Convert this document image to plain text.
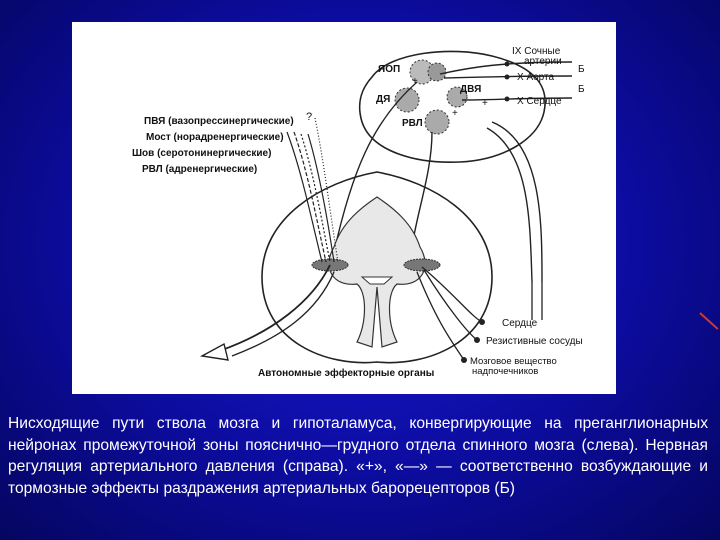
ЯОП
ДЯ
ДВЯ
РВЛ
+
+
+
IX Сочные
артерии
X Аорта
X Сердце
Б
Б
Сердце
Резистивные сосуды
Мозговое вещество
надпочечников
ПВЯ (вазопрессинергические)
Мост (норадренергические)
Шов (серотонинергические)
РВЛ (адренергические)
?
Автономные эффекторные органы
Нисходящие пути ствола мозга и гипоталамуса, конвергирующие на преганглионарных нейронах промежуточной зоны пояснично—грудного отдела спинного мозга (слева). Нервная регуляция артериального давления (справа). «+», «—» — соответственно возбуждающие и тормозные эффекты раздражения артериальных барорецепторов (Б)
